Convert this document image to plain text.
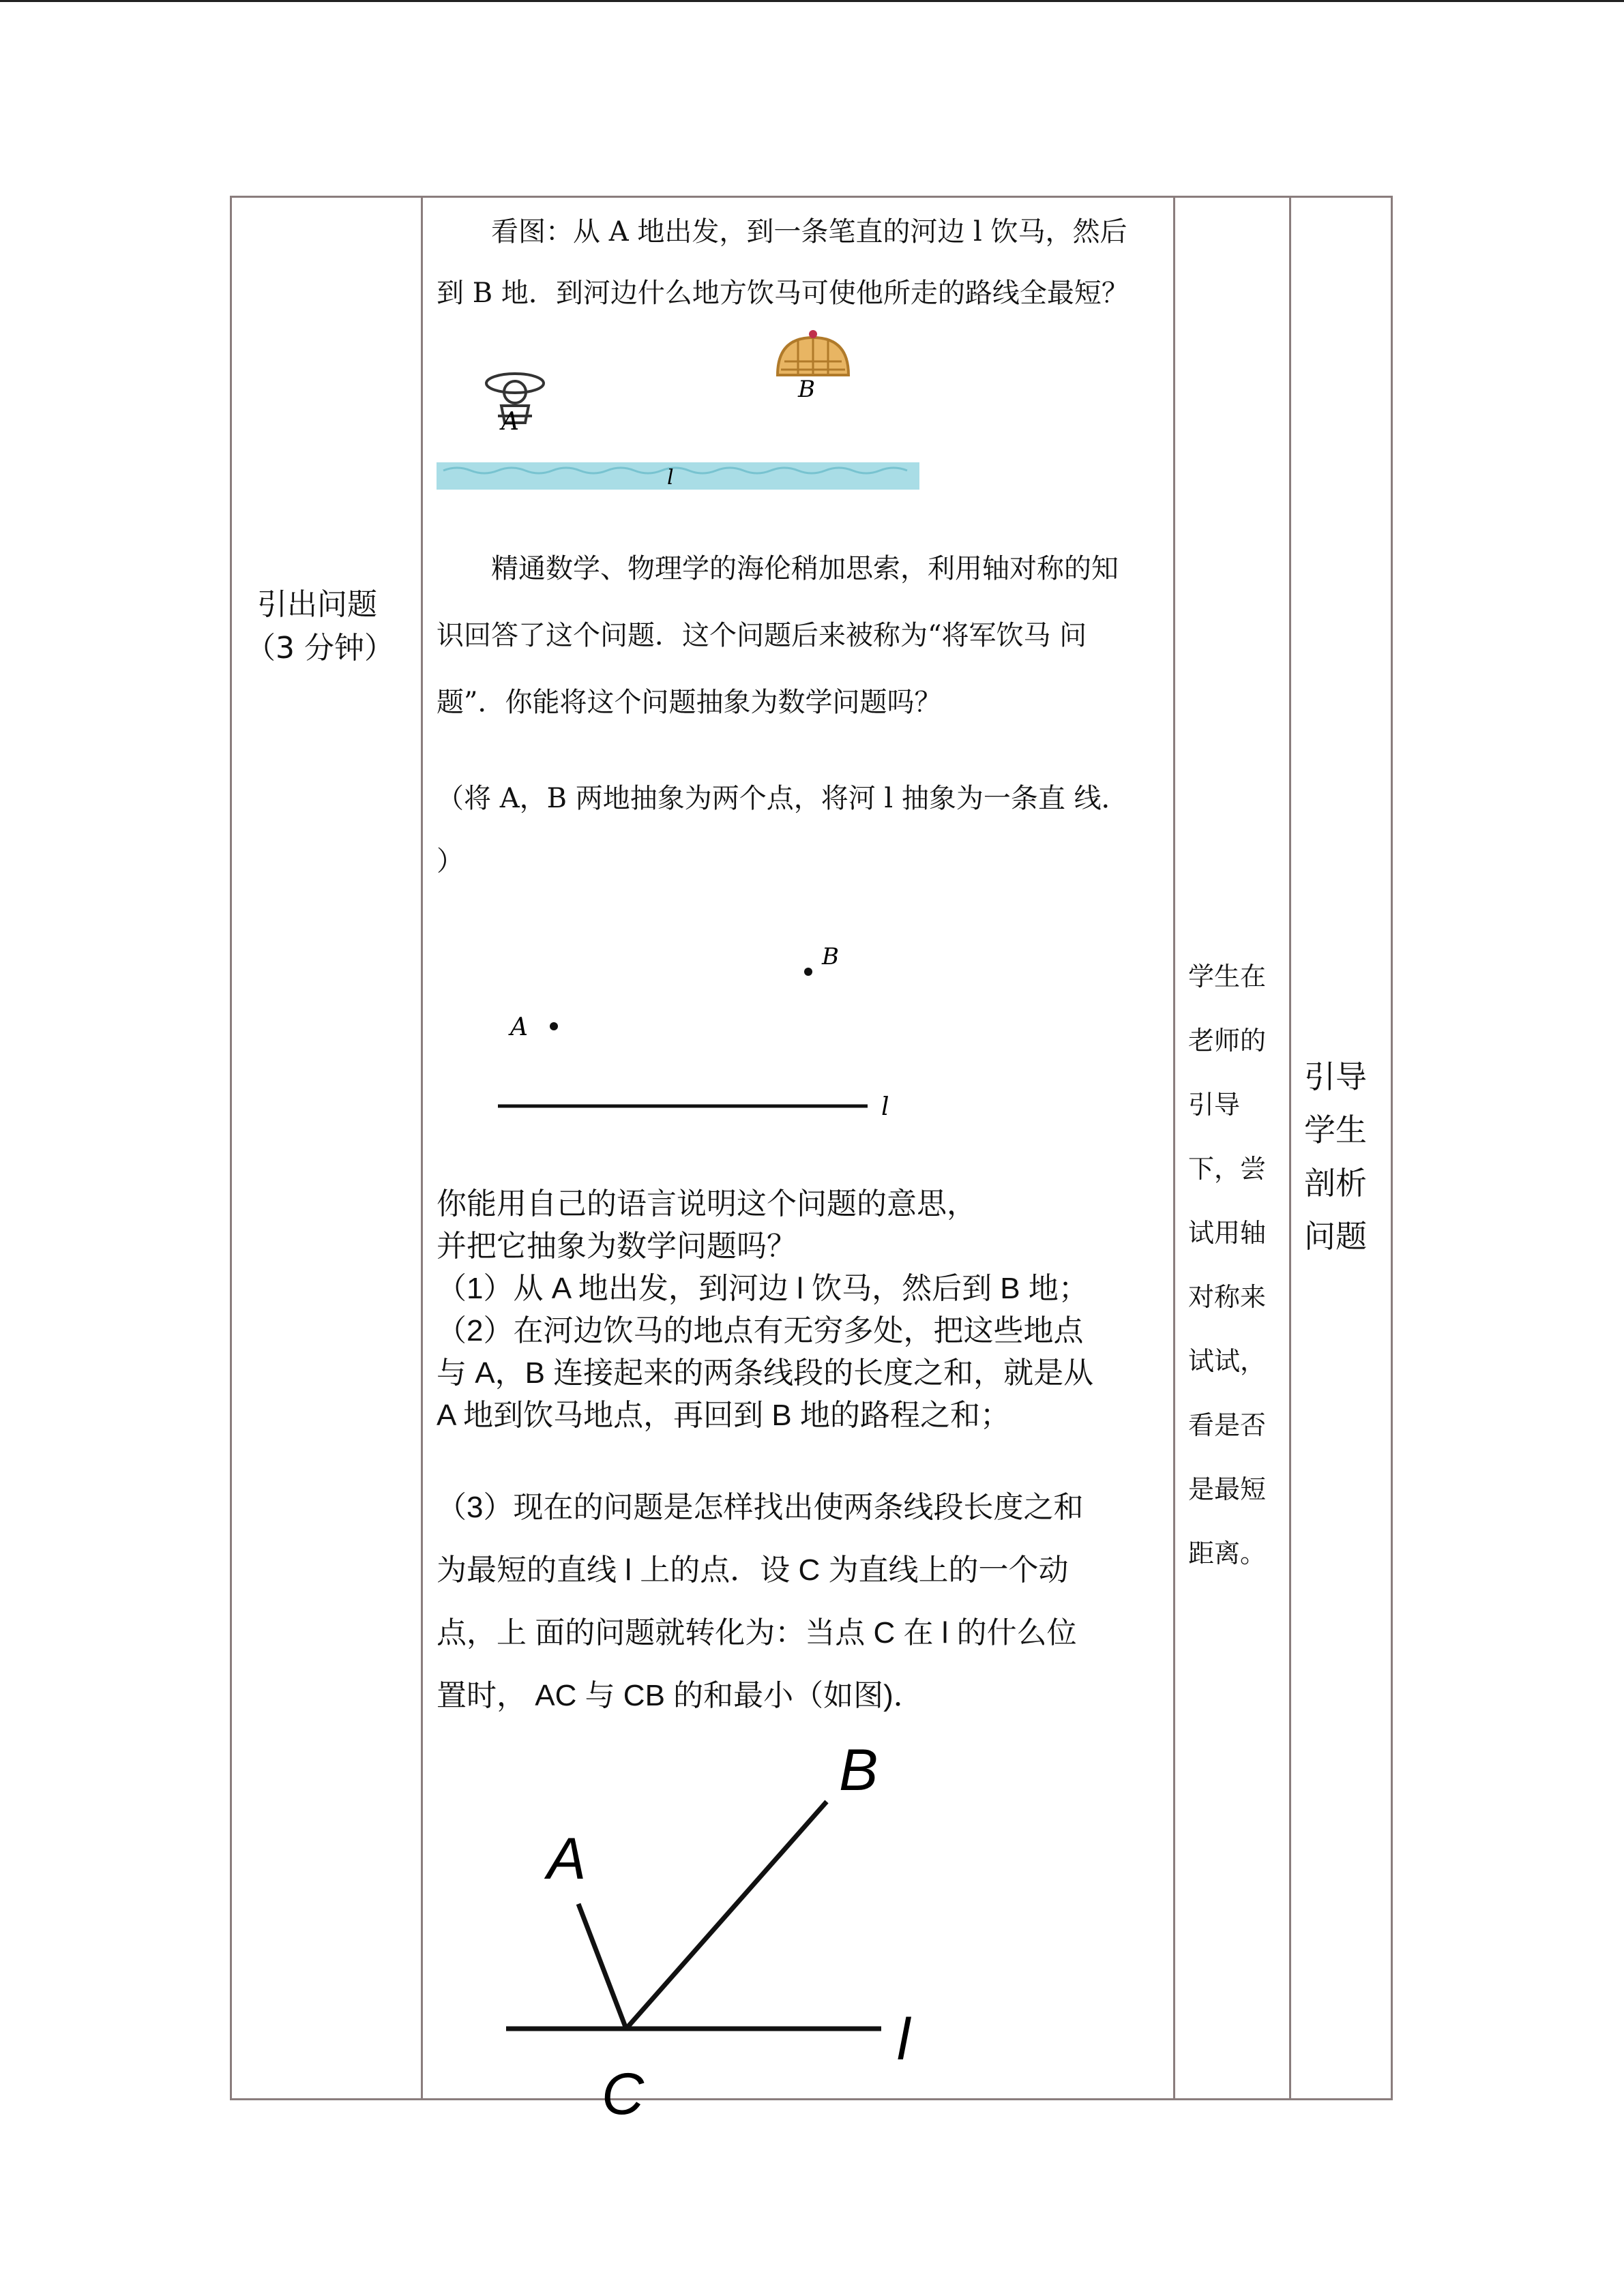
引出问题
（3 分钟）

看图：从 A 地出发，到一条笔直的河边 l 饮马，然后
到 B 地．到河边什么地方饮马可使他所走的路线全最短？

A
B
l

精通数学、物理学的海伦稍加思索，利用轴对称的知
识回答了这个问题．这个问题后来被称为“将军饮马 问
题”．你能将这个问题抽象为数学问题吗？

（将 A，B 两地抽象为两个点，将河 l 抽象为一条直 线．
）

B
A
l

你能用自己的语言说明这个问题的意思，
并把它抽象为数学问题吗？
（1）从 A 地出发，到河边 l 饮马，然后到 B 地；
（2）在河边饮马的地点有无穷多处，把这些地点
与 A，B 连接起来的两条线段的长度之和，就是从
A 地到饮马地点，再回到 B 地的路程之和；

（3）现在的问题是怎样找出使两条线段长度之和
为最短的直线 l 上的点．设 C 为直线上的一个动
点，上 面的问题就转化为：当点 C 在 l 的什么位
置时， AC 与 CB 的和最小（如图)．

A
B
C
l
学生在
老师的
引导
下，尝
试用轴
对称来
试试，
看是否
是最短
距离。
引导
学生
剖析
问题
